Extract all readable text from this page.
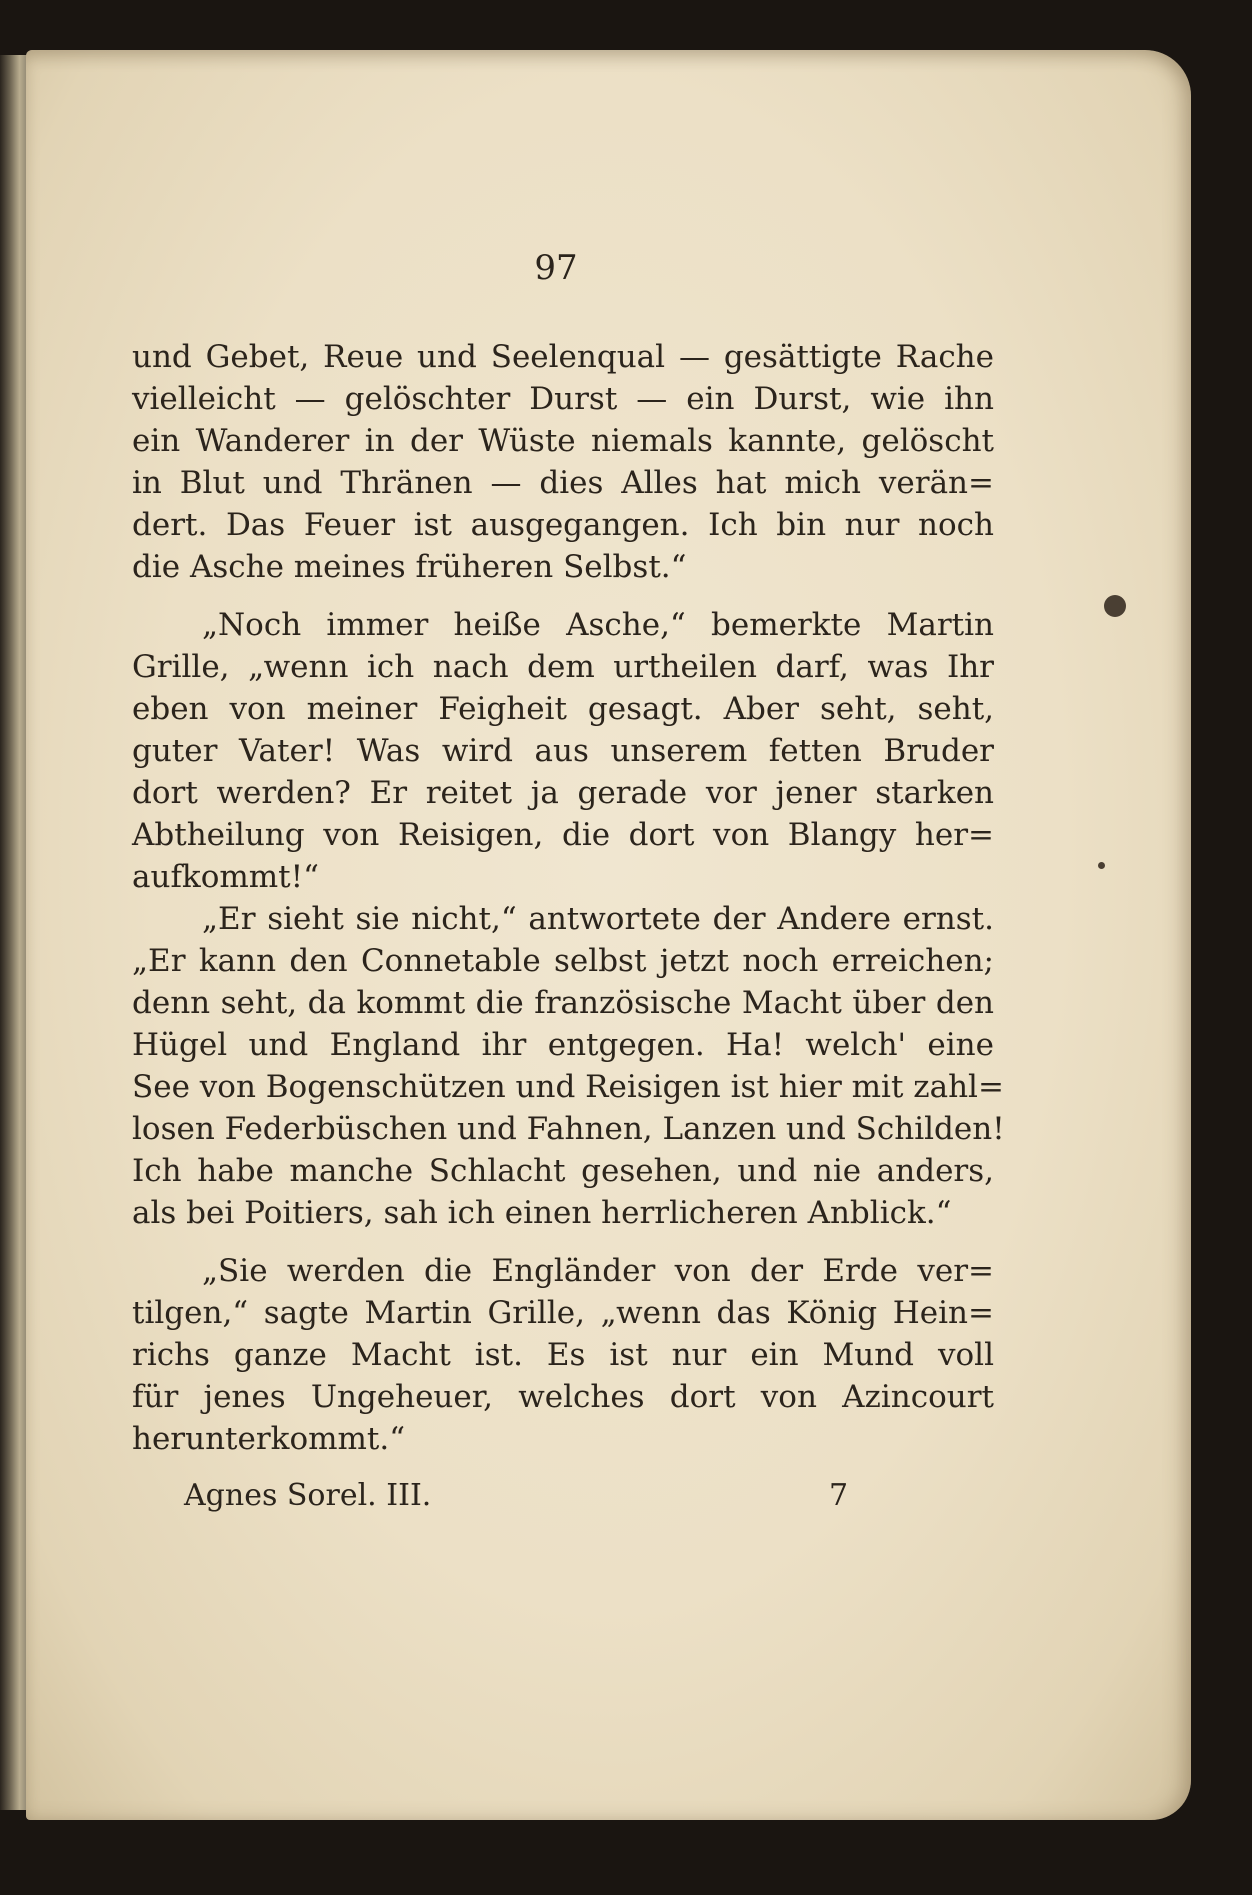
97

und Gebet, Reue und Seelenqual — gesättigte Rache
vielleicht — gelöschter Durst — ein Durst, wie ihn
ein Wanderer in der Wüste niemals kannte, gelöscht
in Blut und Thränen — dies Alles hat mich verän=
dert. Das Feuer ist ausgegangen. Ich bin nur noch
die Asche meines früheren Selbst.“

„Noch immer heiße Asche,“ bemerkte Martin
Grille, „wenn ich nach dem urtheilen darf, was Ihr
eben von meiner Feigheit gesagt. Aber seht, seht,
guter Vater! Was wird aus unserem fetten Bruder
dort werden? Er reitet ja gerade vor jener starken
Abtheilung von Reisigen, die dort von Blangy her=
aufkommt!“

„Er sieht sie nicht,“ antwortete der Andere ernst.
„Er kann den Connetable selbst jetzt noch erreichen;
denn seht, da kommt die französische Macht über den
Hügel und England ihr entgegen. Ha! welch' eine
See von Bogenschützen und Reisigen ist hier mit zahl=
losen Federbüschen und Fahnen, Lanzen und Schilden!
Ich habe manche Schlacht gesehen, und nie anders,
als bei Poitiers, sah ich einen herrlicheren Anblick.“

„Sie werden die Engländer von der Erde ver=
tilgen,“ sagte Martin Grille, „wenn das König Hein=
richs ganze Macht ist. Es ist nur ein Mund voll
für jenes Ungeheuer, welches dort von Azincourt
herunterkommt.“

Agnes Sorel. III.	7
